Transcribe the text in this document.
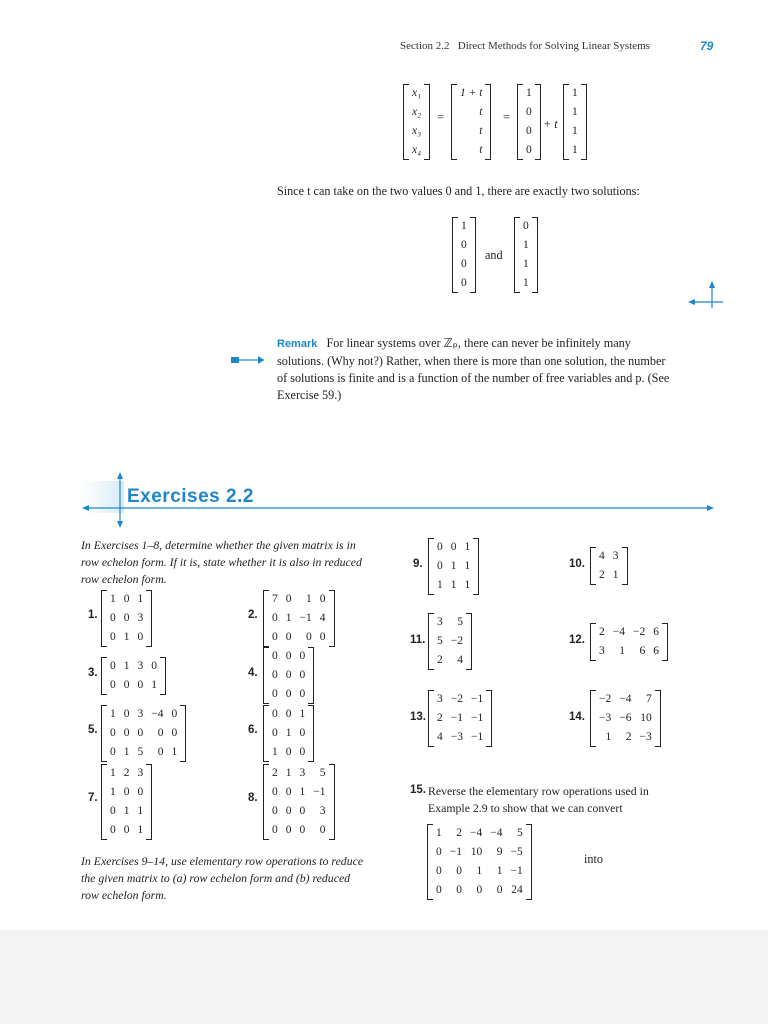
Section 2.2 Direct Methods for Solving Linear Systems	79
x₁
x₂
x₃
x₄
=
1 + t
t
t
t
=
1
0
0
0
+ t
1
1
1
1
Since t can take on the two values 0 and 1, there are exactly two solutions:
1
0
0
0
and
0
1
1
1
Remark For linear systems over ℤₚ, there can never be infinitely many
solutions. (Why not?) Rather, when there is more than one solution, the number
of solutions is finite and is a function of the number of free variables and p. (See
Exercise 59.)
Exercises 2.2
In Exercises 1–8, determine whether the given matrix is in
row echelon form. If it is, state whether it is also in reduced
row echelon form.
1.
1	0	1
0	0	3
0	1	0
2.
7	0	1	0
0	1	−1	4
0	0	0	0
3.
0	1	3	0
0	0	0	1
4.
0	0	0
0	0	0
0	0	0
5.
1	0	3	−4	0
0	0	0	0	0
0	1	5	0	1
6.
0	0	1
0	1	0
1	0	0
7.
1	2	3
1	0	0
0	1	1
0	0	1
8.
2	1	3	5
0	0	1	−1
0	0	0	3
0	0	0	0
In Exercises 9–14, use elementary row operations to reduce
the given matrix to (a) row echelon form and (b) reduced
row echelon form.
9.
0	0	1
0	1	1
1	1	1
10.
4	3
2	1
11.
3	5
5	−2
2	4
12.
2	−4	−2	6
3	1	6	6
13.
3	−2	−1
2	−1	−1
4	−3	−1
14.
−2	−4	7
−3	−6	10
1	2	−3
15. Reverse the elementary row operations used in
Example 2.9 to show that we can convert
1	2	−4	−4	5
0	−1	10	9	−5
0	0	1	1	−1
0	0	0	0	24
into
